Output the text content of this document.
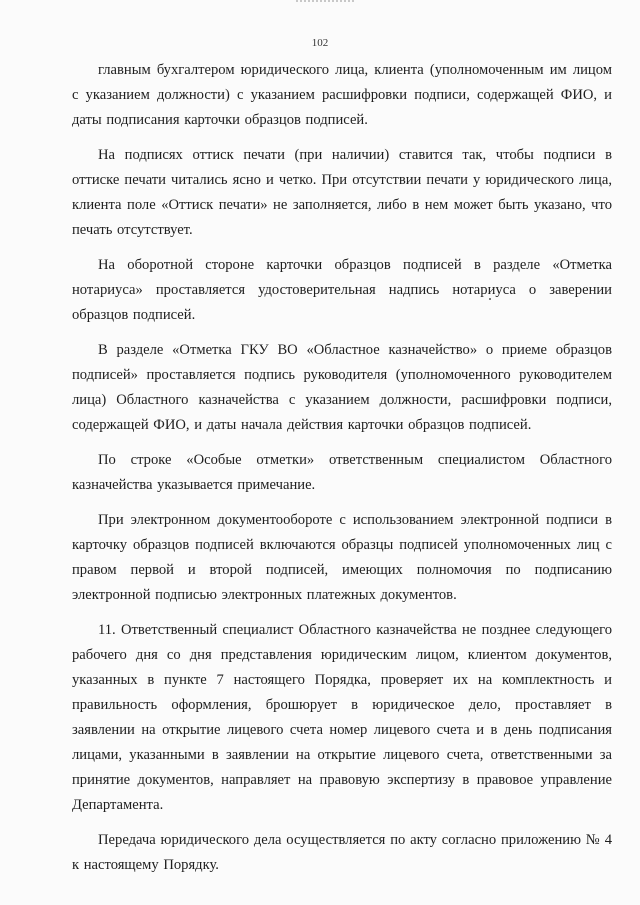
102

главным бухгалтером юридического лица, клиента (уполномоченным им лицом с указанием должности) с указанием расшифровки подписи, содержащей ФИО, и даты подписания карточки образцов подписей.

На подписях оттиск печати (при наличии) ставится так, чтобы подписи в оттиске печати читались ясно и четко. При отсутствии печати у юридического лица, клиента поле «Оттиск печати» не заполняется, либо в нем может быть указано, что печать отсутствует.

На оборотной стороне карточки образцов подписей в разделе «Отметка нотариуса» проставляется удостоверительная надпись нотариуса о заверении образцов подписей.

В разделе «Отметка ГКУ ВО «Областное казначейство» о приеме образцов подписей» проставляется подпись руководителя (уполномоченного руководителем лица) Областного казначейства с указанием должности, расшифровки подписи, содержащей ФИО, и даты начала действия карточки образцов подписей.

По строке «Особые отметки» ответственным специалистом Областного казначейства указывается примечание.

При электронном документообороте с использованием электронной подписи в карточку образцов подписей включаются образцы подписей уполномоченных лиц с правом первой и второй подписей, имеющих полномочия по подписанию электронной подписью электронных платежных документов.

11. Ответственный специалист Областного казначейства не позднее следующего рабочего дня со дня представления юридическим лицом, клиентом документов, указанных в пункте 7 настоящего Порядка, проверяет их на комплектность и правильность оформления, брошюрует в юридическое дело, проставляет в заявлении на открытие лицевого счета номер лицевого счета и в день подписания лицами, указанными в заявлении на открытие лицевого счета, ответственными за принятие документов, направляет на правовую экспертизу в правовое управление Департамента.

Передача юридического дела осуществляется по акту согласно приложению № 4 к настоящему Порядку.
